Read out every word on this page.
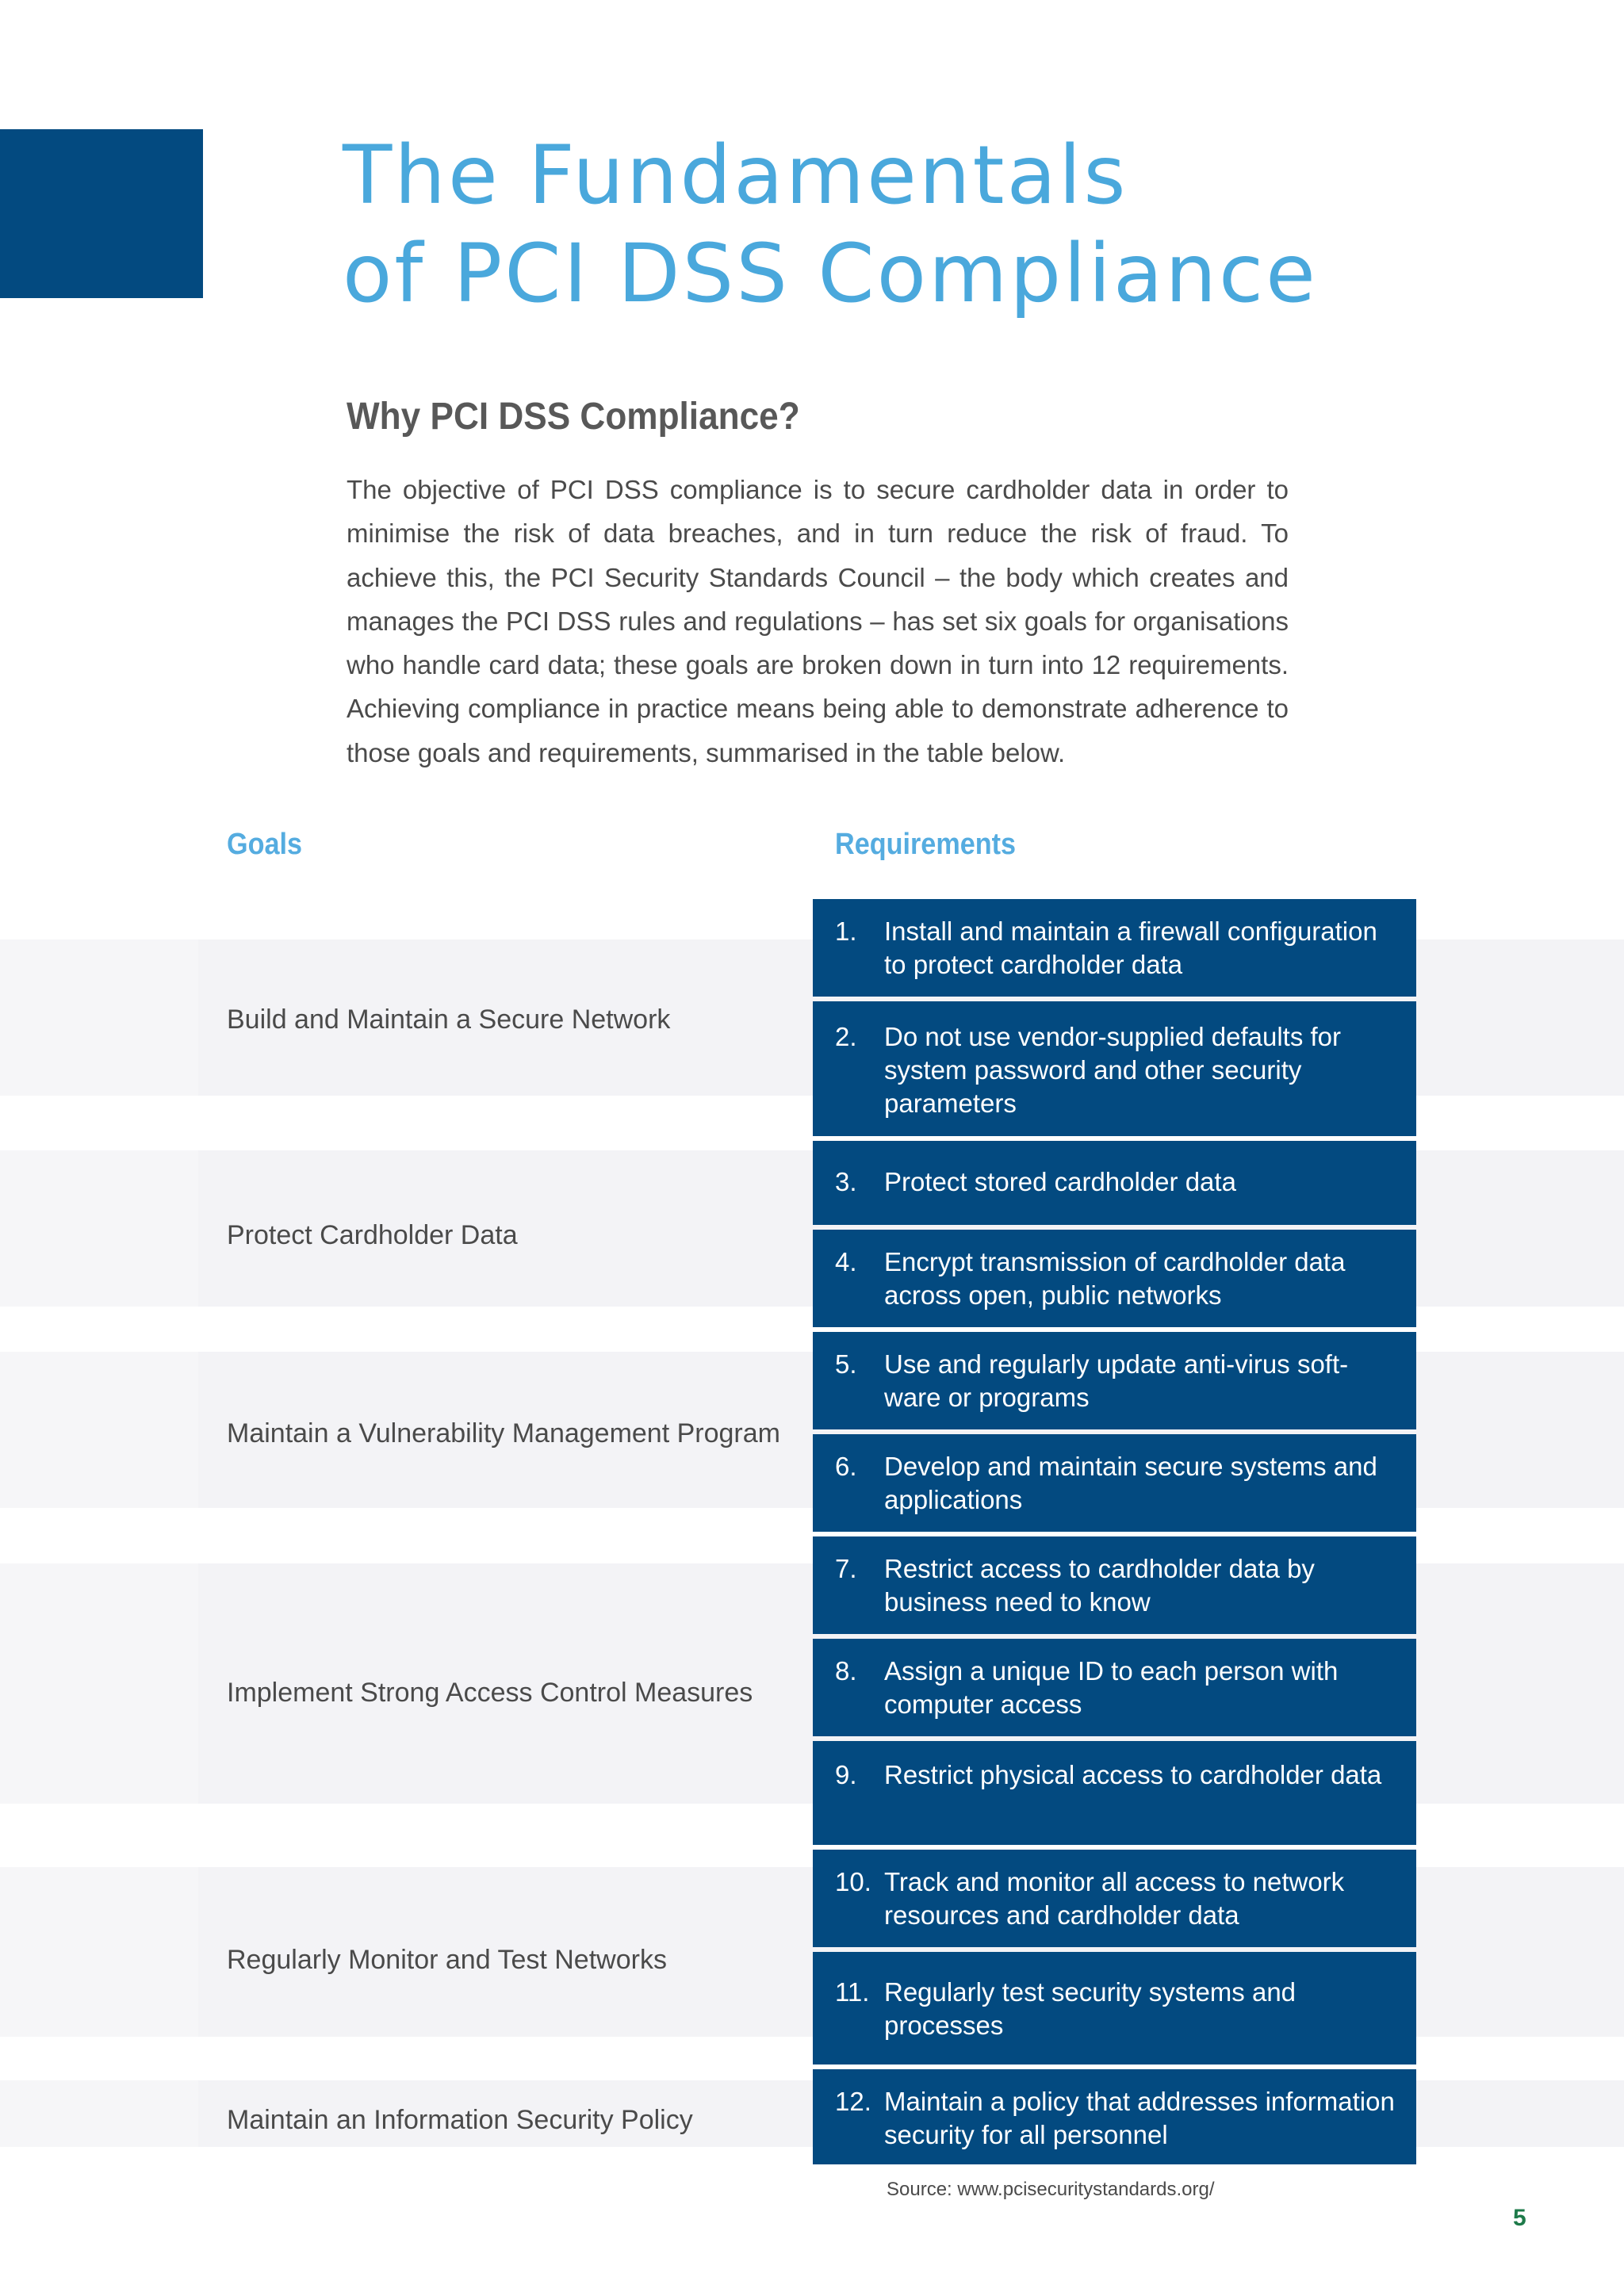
The Fundamentals
of PCI DSS Compliance
Why PCI DSS Compliance?

The objective of PCI DSS compliance is to secure cardholder data in order to minimise the risk of data breaches, and in turn reduce the risk of fraud. To achieve this, the PCI Security Standards Council – the body which creates and manages the PCI DSS rules and regulations – has set six goals for organisations who handle card data; these goals are broken down in turn into 12 requirements. Achieving compliance in practice means being able to demonstrate adherence to those goals and requirements, summarised in the table below.

Goals	Requirements

Build and Maintain a Secure Network

Protect Cardholder Data

Maintain a Vulnerability Management Program

Implement Strong Access Control Measures

Regularly Monitor and Test Networks

Maintain an Information Security Policy

1. Install and maintain a firewall configuration to protect cardholder data
2. Do not use vendor-supplied defaults for system password and other security parameters
3. Protect stored cardholder data
4. Encrypt transmission of cardholder data across open, public networks
5. Use and regularly update anti-virus soft-ware or programs
6. Develop and maintain secure systems and applications
7. Restrict access to cardholder data by business need to know
8. Assign a unique ID to each person with computer access
9. Restrict physical access to cardholder data
10. Track and monitor all access to network resources and cardholder data
11. Regularly test security systems and processes
12. Maintain a policy that addresses information security for all personnel

Source: www.pcisecuritystandards.org/

5
